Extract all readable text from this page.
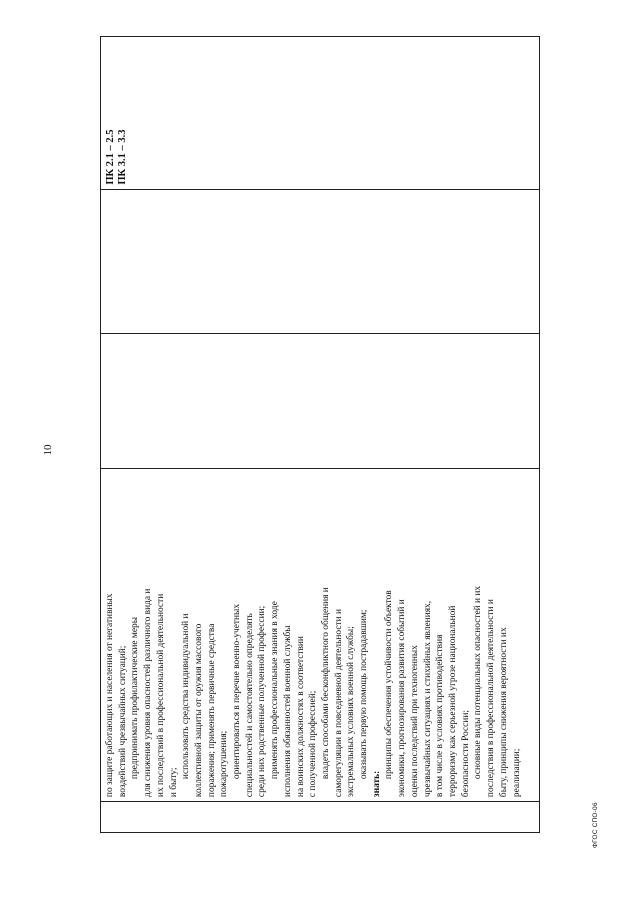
10
по защите работающих и населения от негативных воздействий чрезвычайных ситуаций; предпринимать профилактические меры для снижения уровня опасностей различного вида и их последствий в профессиональной деятельности и быту;
использовать средства индивидуальной и коллективной защиты от оружия массового поражения; применять первичные средства пожаротушения; ориентироваться в перечне военно-учетных специальностей и самостоятельно определять среди них родственные полученной профессии; применять профессиональные знания в ходе исполнения обязанностей военной службы на воинских должностях в соответствии с полученной профессией; владеть способами бесконфликтного общения и саморегуляции в повседневной деятельности и экстремальных условиях военной службы; оказывать первую помощь пострадавшим;
знать:
принципы обеспечения устойчивости объектов экономики, прогнозирования развития событий и оценки последствий при техногенных чрезвычайных ситуациях и стихийных явлениях, в том числе в условиях противодействия терроризму как серьезной угрозе национальной безопасности России; основные виды потенциальных опасностей и их последствия в профессиональной деятельности и быту, принципы снижения вероятности их реализации;
ПК 2.1 – 2.5 ПК 3.1 – 3.3
ФГОС СПО-06
